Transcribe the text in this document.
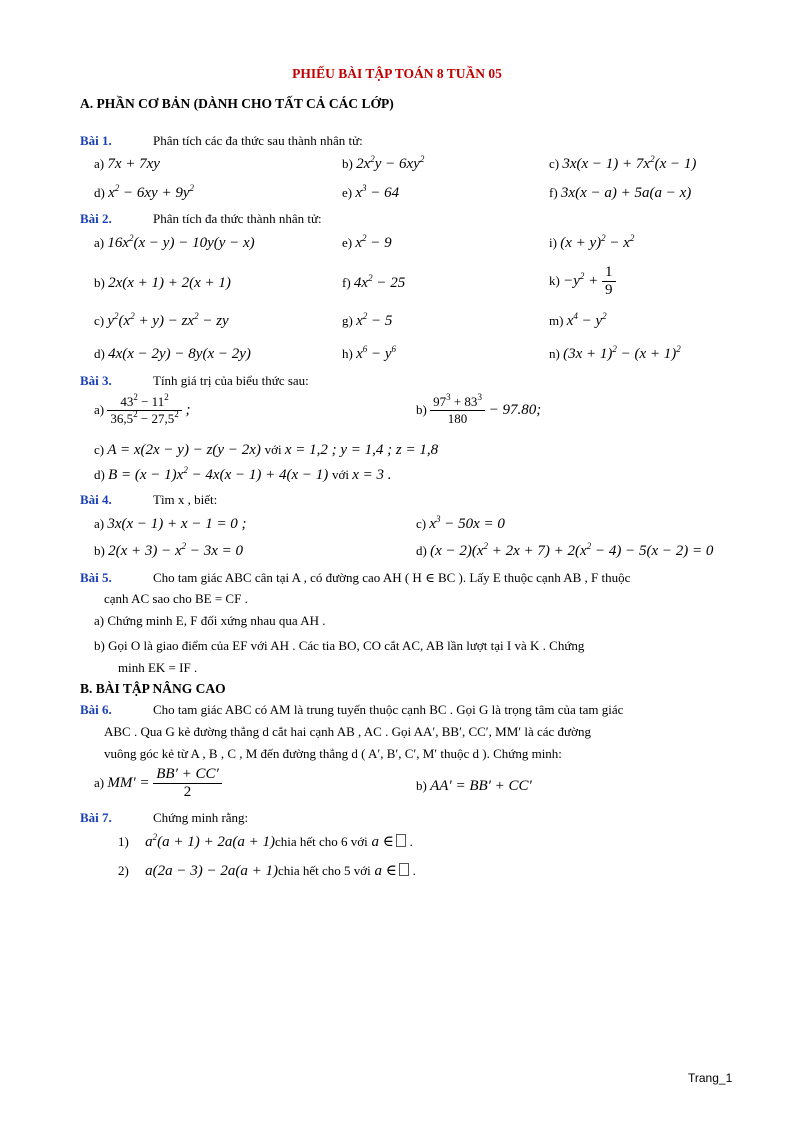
PHIẾU BÀI TẬP TOÁN 8 TUẦN 05
A. PHẦN CƠ BẢN (DÀNH CHO TẤT CẢ CÁC LỚP)
Bài 1.	Phân tích các đa thức sau thành nhân tử:
a) 7x + 7xy	b) $2x^2y - 6xy^2$	c) $3x(x - 1) + 7x^2(x - 1)$
d) $x^2 - 6xy + 9y^2$	e) $x^3 - 64$	f) 3x(x − a) + 5a(a − x)
Bài 2.	Phân tích đa thức thành nhân tử:
a) $16x^2(x - y) - 10y(y - x)$	e) $x^2 - 9$	i) $(x + y)^2 - x^2$
b) 2x(x + 1) + 2(x + 1)	f) $4x^2 - 25$	$k) -y^2 + \frac{1}{9}$
c) $y^2(x^2 + y) - zx^2$ − zy	g) $x^2 - 5$	m) $x^4 - y^2$
d) 4x(x − 2y) − 8y(x − 2y)	h) $x^6 - y^6$	n) $(3x + 1)^2 - (x + 1)^2$
Bài 3.	Tính giá trị của biểu thức sau:
$a) \frac{43^2 - 11^2}{36,5^2 - 27,5^2}$ ;	$b) \frac{97^3 + 83^3}{180} - 97.80$;
c) A = x(2x − y) − z(y − 2x) với x = 1,2 ; y = 1,4 ; z = 1,8
d) $B = (x - 1)x^2 - 4x(x - 1) + 4(x - 1)$ với x = 3 .
Bài 4.	Tìm x , biết:
a) 3x(x − 1) + x − 1 = 0 ;	c) $x^3 - 50x = 0$
b) $2(x + 3) - x^2 - 3x = 0$	d) $(x - 2)(x^2 + 2x + 7) + 2(x^2 - 4) - 5(x - 2) = 0$
Bài 5.	Cho tam giác ABC cân tại A , có đường cao AH ( H ∈ BC ). Lấy E thuộc cạnh AB , F thuộc
cạnh AC sao cho BE = CF .
a) Chứng minh E, F đối xứng nhau qua AH .
b) Gọi O là giao điểm của EF với AH . Các tia BO, CO cắt AC, AB lần lượt tại I và K . Chứng
minh EK = IF .
B. BÀI TẬP NÂNG CAO
Bài 6.	Cho tam giác ABC có AM là trung tuyến thuộc cạnh BC . Gọi G là trọng tâm của tam giác
ABC . Qua G kẻ đường thẳng d cắt hai cạnh AB , AC . Gọi AA′, BB′, CC′, MM′ là các đường
vuông góc kẻ từ A , B , C , M đến đường thẳng d ( A′, B′, C′, M′ thuộc d ). Chứng minh:
a) $MM' = \frac{BB' + CC'}{2}$	b) AA′ = BB′ + CC′
Bài 7.	Chứng minh rằng:
1)     $a^2(a + 1) + 2a(a$ + 1)chia hết cho 6 với a ∈ .
2)     a(2a − 3) − 2a(a + 1)chia hết cho 5 với a ∈ .
Trang_1
